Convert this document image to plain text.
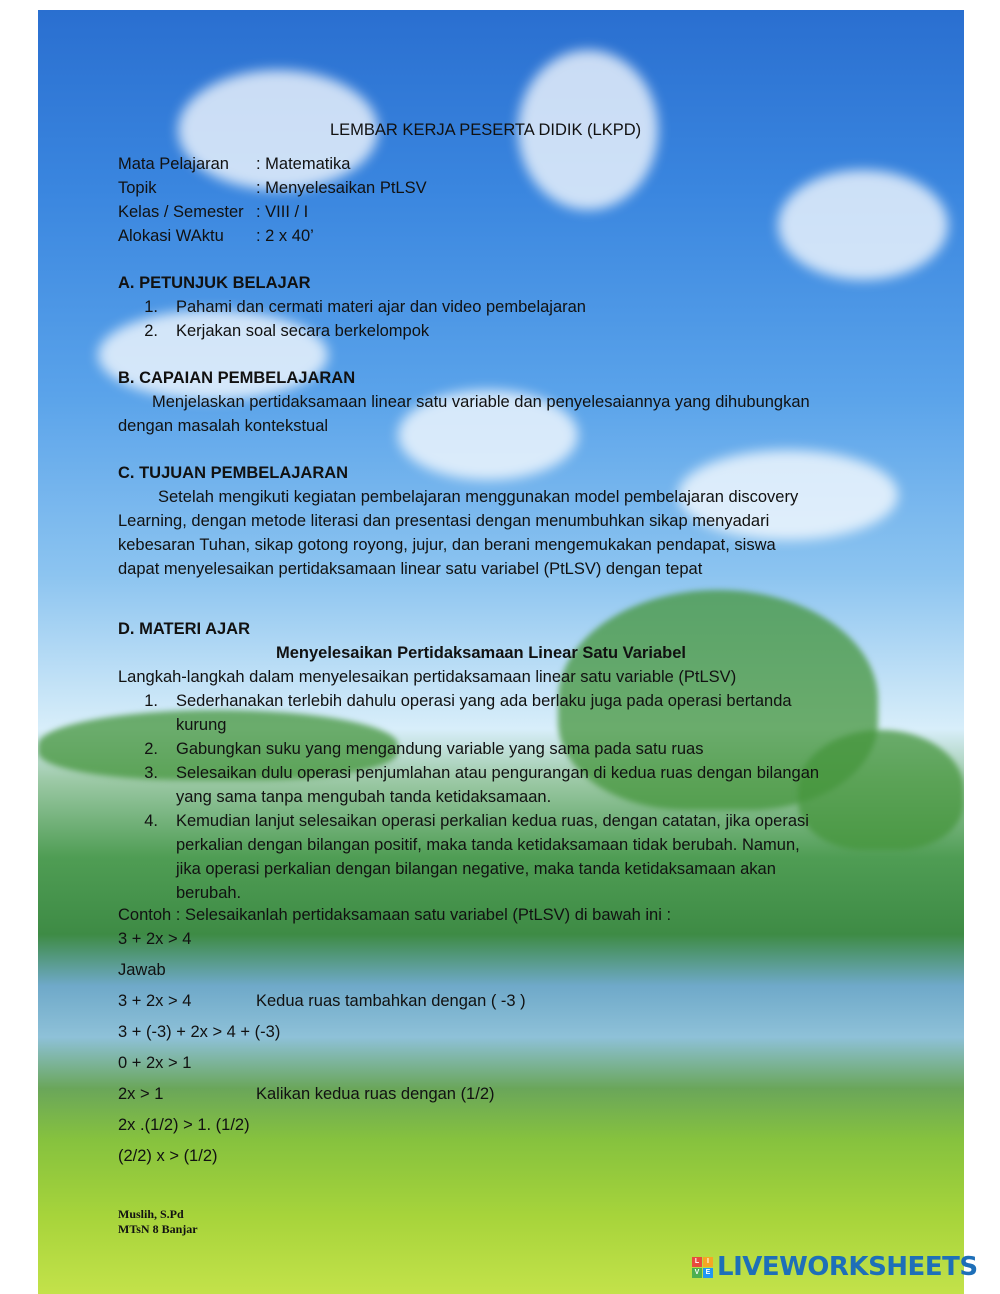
LEMBAR KERJA PESERTA DIDIK (LKPD)
Mata Pelajaran	: Matematika
Topik	: Menyelesaikan PtLSV
Kelas / Semester : VIII / I
Alokasi WAktu	: 2 x 40’
A. PETUNJUK BELAJAR
1. Pahami dan cermati materi ajar dan video pembelajaran
2. Kerjakan soal secara berkelompok
B. CAPAIAN PEMBELAJARAN
Menjelaskan pertidaksamaan linear satu variable dan penyelesaiannya yang dihubungkan
dengan masalah kontekstual
C. TUJUAN PEMBELAJARAN
Setelah mengikuti kegiatan pembelajaran menggunakan model pembelajaran discovery
Learning, dengan metode literasi dan presentasi dengan menumbuhkan sikap menyadari
kebesaran Tuhan, sikap gotong royong, jujur, dan berani mengemukakan pendapat, siswa
dapat menyelesaikan pertidaksamaan linear satu variabel (PtLSV) dengan tepat
D. MATERI AJAR
Menyelesaikan Pertidaksamaan Linear Satu Variabel
Langkah-langkah dalam menyelesaikan pertidaksamaan linear satu variable (PtLSV)
1. Sederhanakan terlebih dahulu operasi yang ada berlaku juga pada operasi bertanda
kurung
2. Gabungkan suku yang mengandung variable yang sama pada satu ruas
3. Selesaikan dulu operasi penjumlahan atau pengurangan di kedua ruas dengan bilangan
yang sama tanpa mengubah tanda ketidaksamaan.
4. Kemudian lanjut selesaikan operasi perkalian kedua ruas, dengan catatan, jika operasi
perkalian dengan bilangan positif, maka tanda ketidaksamaan tidak berubah. Namun,
jika operasi perkalian dengan bilangan negative, maka tanda ketidaksamaan akan
berubah.
Contoh : Selesaikanlah pertidaksamaan satu variabel (PtLSV) di bawah ini :
3 + 2x > 4
Jawab
3 + 2x > 4	Kedua ruas tambahkan dengan ( -3 )
3 + (-3) + 2x > 4 + (-3)
0 + 2x > 1
2x > 1	Kalikan kedua ruas dengan (1/2)
2x .(1/2) > 1. (1/2)
(2/2) x > (1/2)
Muslih, S.Pd
MTsN 8 Banjar
L	I
V E LIVEWORKSHEETS
